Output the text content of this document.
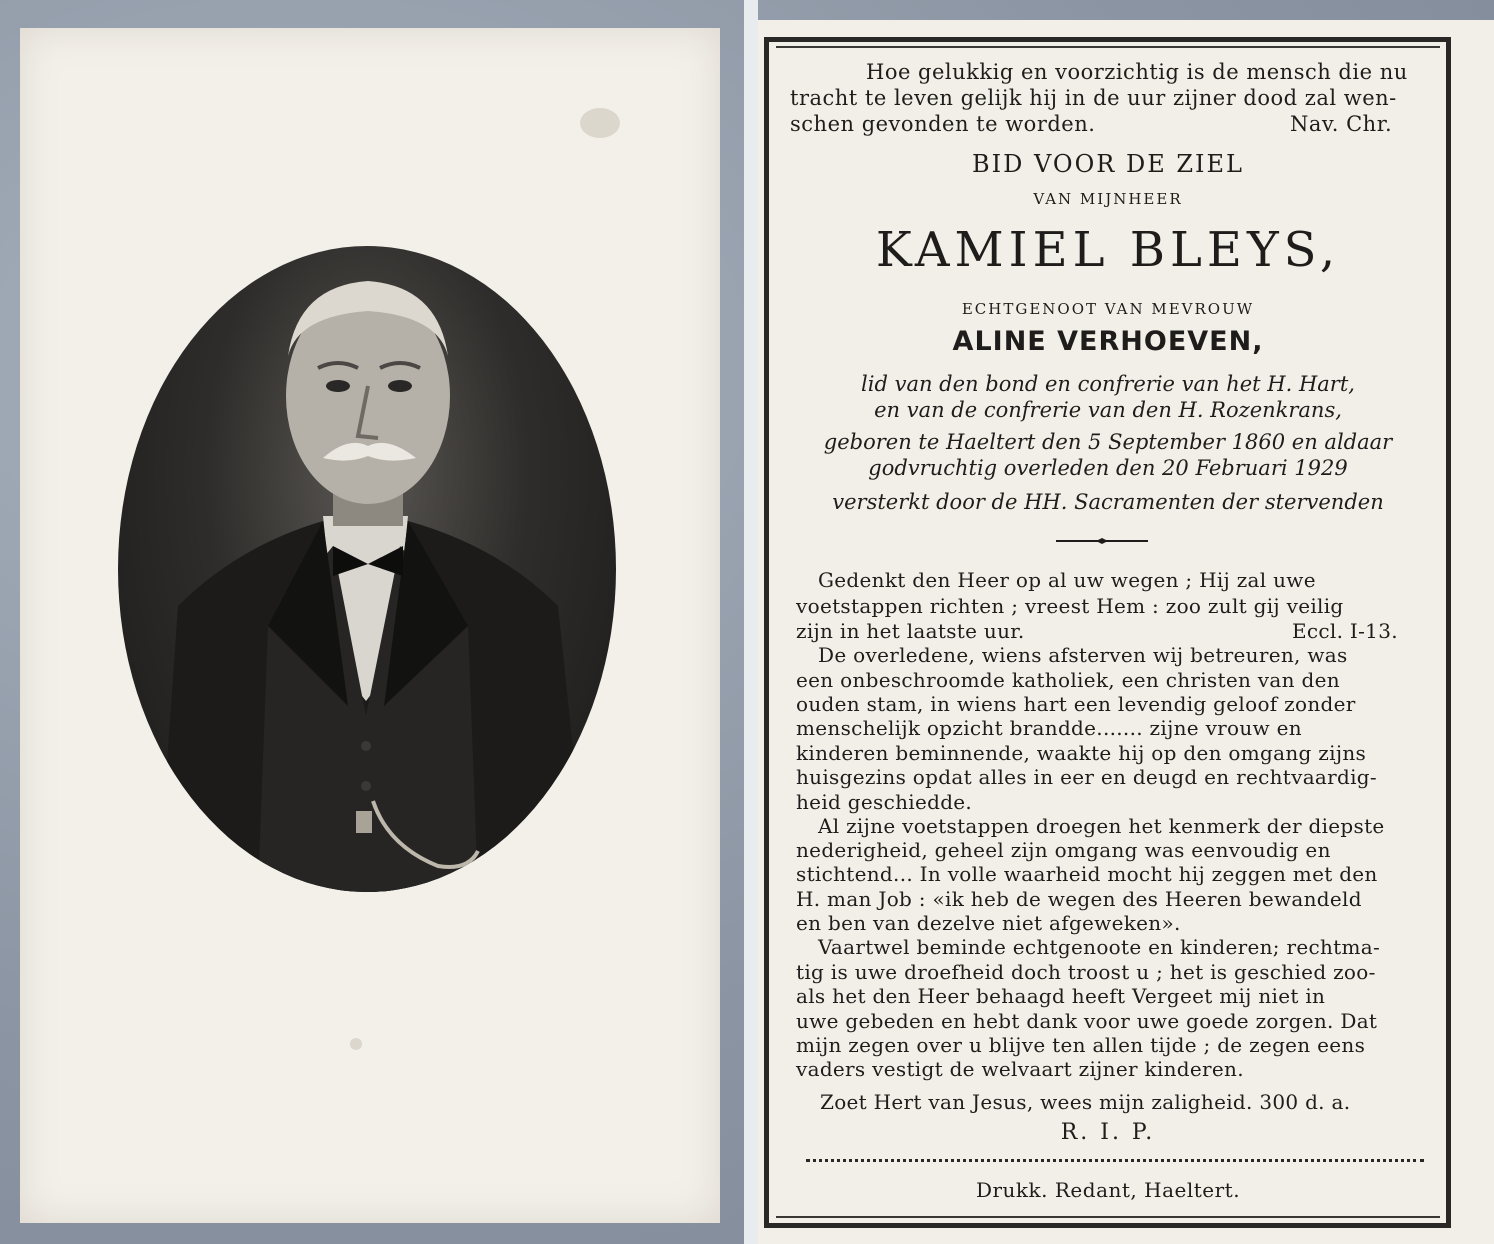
Hoe gelukkig en voorzichtig is de mensch die nu
tracht te leven gelijk hij in de uur zijner dood zal wen-
schen gevonden te worden.	Nav. Chr.
BID VOOR DE ZIEL
VAN MIJNHEER
KAMIEL BLEYS,
ECHTGENOOT VAN MEVROUW
ALINE VERHOEVEN,
lid van den bond en confrerie van het H. Hart,
en van de confrerie van den H. Rozenkrans,
geboren te Haeltert den 5 September 1860 en aldaar
godvruchtig overleden den 20 Februari 1929
versterkt door de HH. Sacramenten der stervenden
Gedenkt den Heer op al uw wegen ; Hij zal uwe
voetstappen richten ; vreest Hem : zoo zult gij veilig
zijn in het laatste uur.	Eccl. I-13.
De overledene, wiens afsterven wij betreuren, was
een onbeschroomde katholiek, een christen van den
ouden stam, in wiens hart een levendig geloof zonder
menschelijk opzicht brandde....... zijne vrouw en
kinderen beminnende, waakte hij op den omgang zijns
huisgezins opdat alles in eer en deugd en rechtvaardig-
heid geschiedde.
Al zijne voetstappen droegen het kenmerk der diepste
nederigheid, geheel zijn omgang was eenvoudig en
stichtend... In volle waarheid mocht hij zeggen met den
H. man Job : «ik heb de wegen des Heeren bewandeld
en ben van dezelve niet afgeweken».
Vaartwel beminde echtgenoote en kinderen; rechtma-
tig is uwe droefheid doch troost u ; het is geschied zoo-
als het den Heer behaagd heeft Vergeet mij niet in
uwe gebeden en hebt dank voor uwe goede zorgen. Dat
mijn zegen over u blijve ten allen tijde ; de zegen eens
vaders vestigt de welvaart zijner kinderen.
Zoet Hert van Jesus, wees mijn zaligheid. 300 d. a.
R. I. P.
Drukk. Redant, Haeltert.
